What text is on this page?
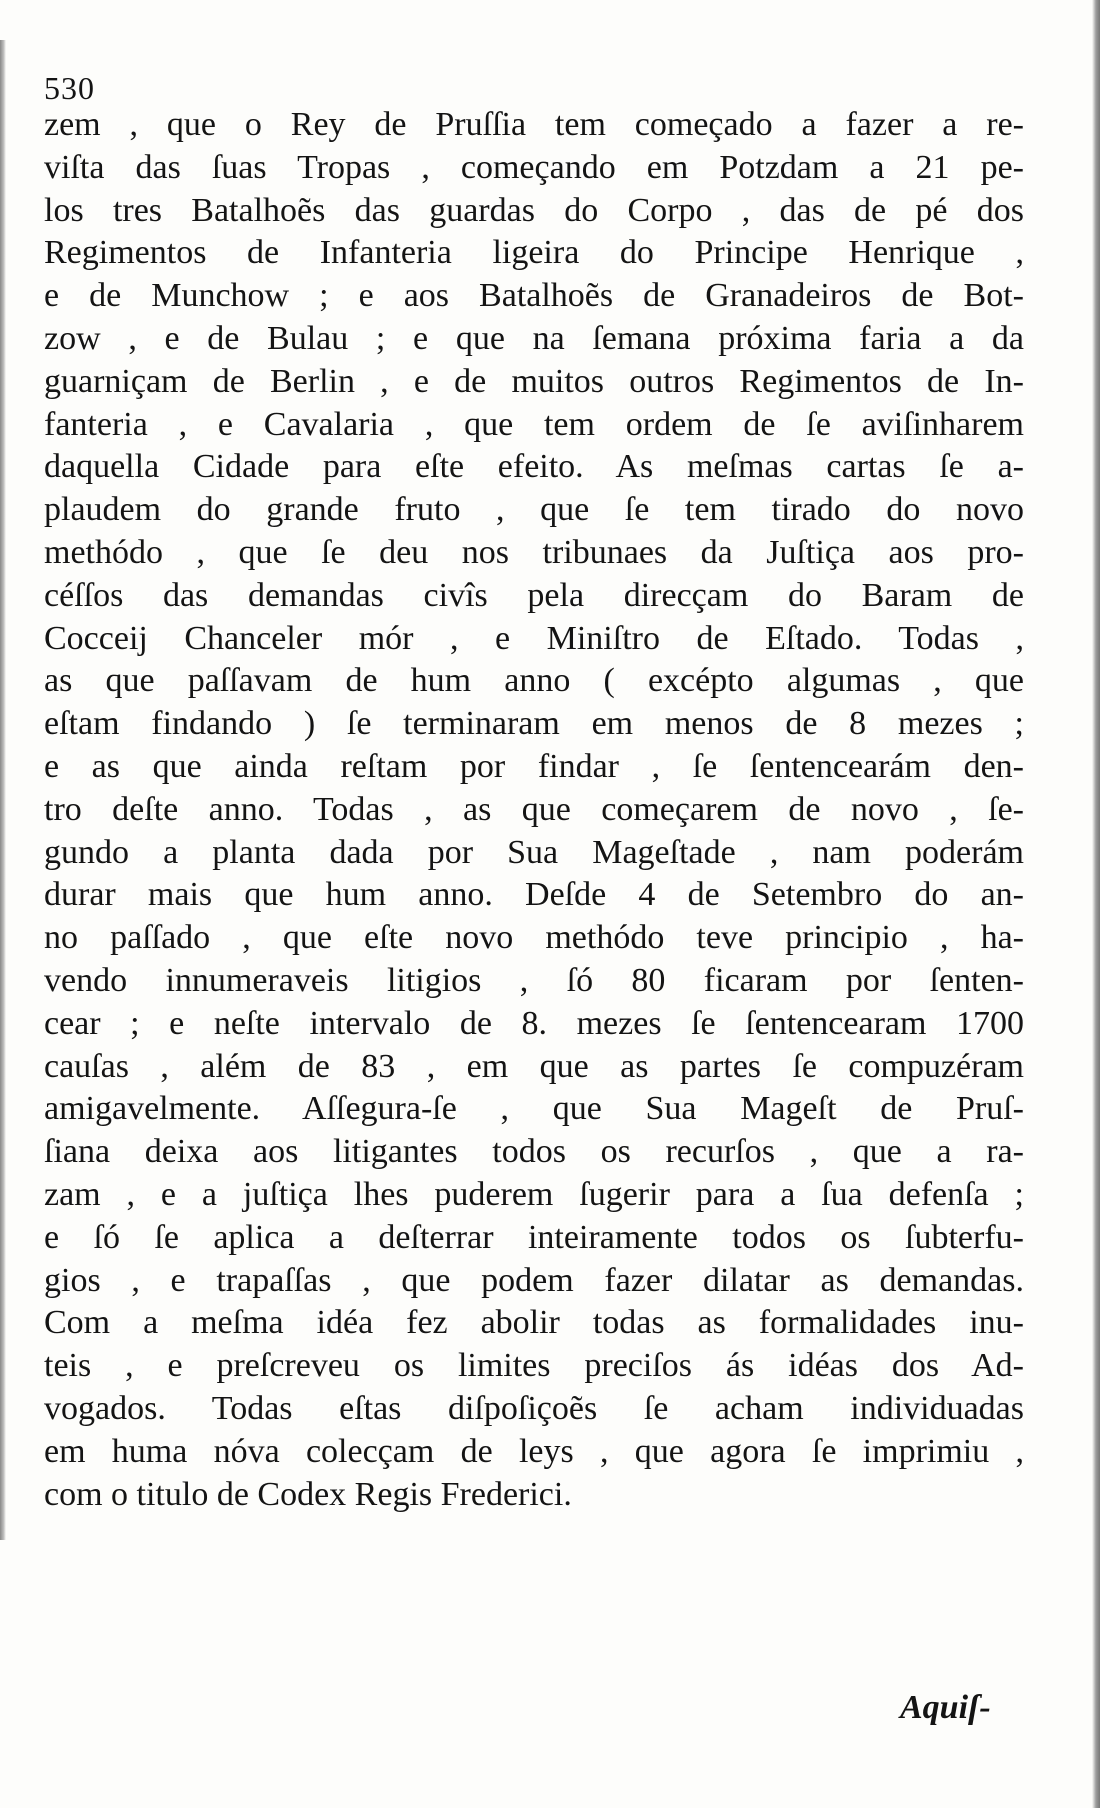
530

zem , que o Rey de Pruſſia tem começado a fazer a re-
viſta das ſuas Tropas , começando em Potzdam a 21 pe-
los tres Batalhoẽs das guardas do Corpo , das de pé dos
Regimentos de Infanteria ligeira do Principe Henrique ,
e de Munchow ; e aos Batalhoẽs de Granadeiros de Bot-
zow , e de Bulau ; e que na ſemana próxima faria a da
guarniçam de Berlin , e de muitos outros Regimentos de In-
fanteria , e Cavalaria , que tem ordem de ſe aviſinharem
daquella Cidade para eſte efeito. As meſmas cartas ſe a-
plaudem do grande fruto , que ſe tem tirado do novo
methódo , que ſe deu nos tribunaes da Juſtiça aos pro-
céſſos das demandas civîs pela direcçam do Baram de
Cocceij Chanceler mór , e Miniſtro de Eſtado. Todas ,
as que paſſavam de hum anno ( excépto algumas , que
eſtam findando ) ſe terminaram em menos de 8 mezes ;
e as que ainda reſtam por findar , ſe ſentencearám den-
tro deſte anno. Todas , as que começarem de novo , ſe-
gundo a planta dada por Sua Mageſtade , nam poderám
durar mais que hum anno. Deſde 4 de Setembro do an-
no paſſado , que eſte novo methódo teve principio , ha-
vendo innumeraveis litigios , ſó 80 ficaram por ſenten-
cear ; e neſte intervalo de 8. mezes ſe ſentencearam 1700
cauſas , além de 83 , em que as partes ſe compuzéram
amigavelmente. Aſſegura-ſe , que Sua Mageſt de Pruſ-
ſiana deixa aos litigantes todos os recurſos , que a ra-
zam , e a juſtiça lhes puderem ſugerir para a ſua defenſa ;
e ſó ſe aplica a deſterrar inteiramente todos os ſubterfu-
gios , e trapaſſas , que podem fazer dilatar as demandas.
Com a meſma idéa fez abolir todas as formalidades inu-
teis , e preſcreveu os limites preciſos ás idéas dos Ad-
vogados. Todas eſtas diſpoſiçoẽs ſe acham individuadas
em huma nóva colecçam de leys , que agora ſe imprimiu ,
com o titulo de Codex Regis Frederici.

Aquiſ-
